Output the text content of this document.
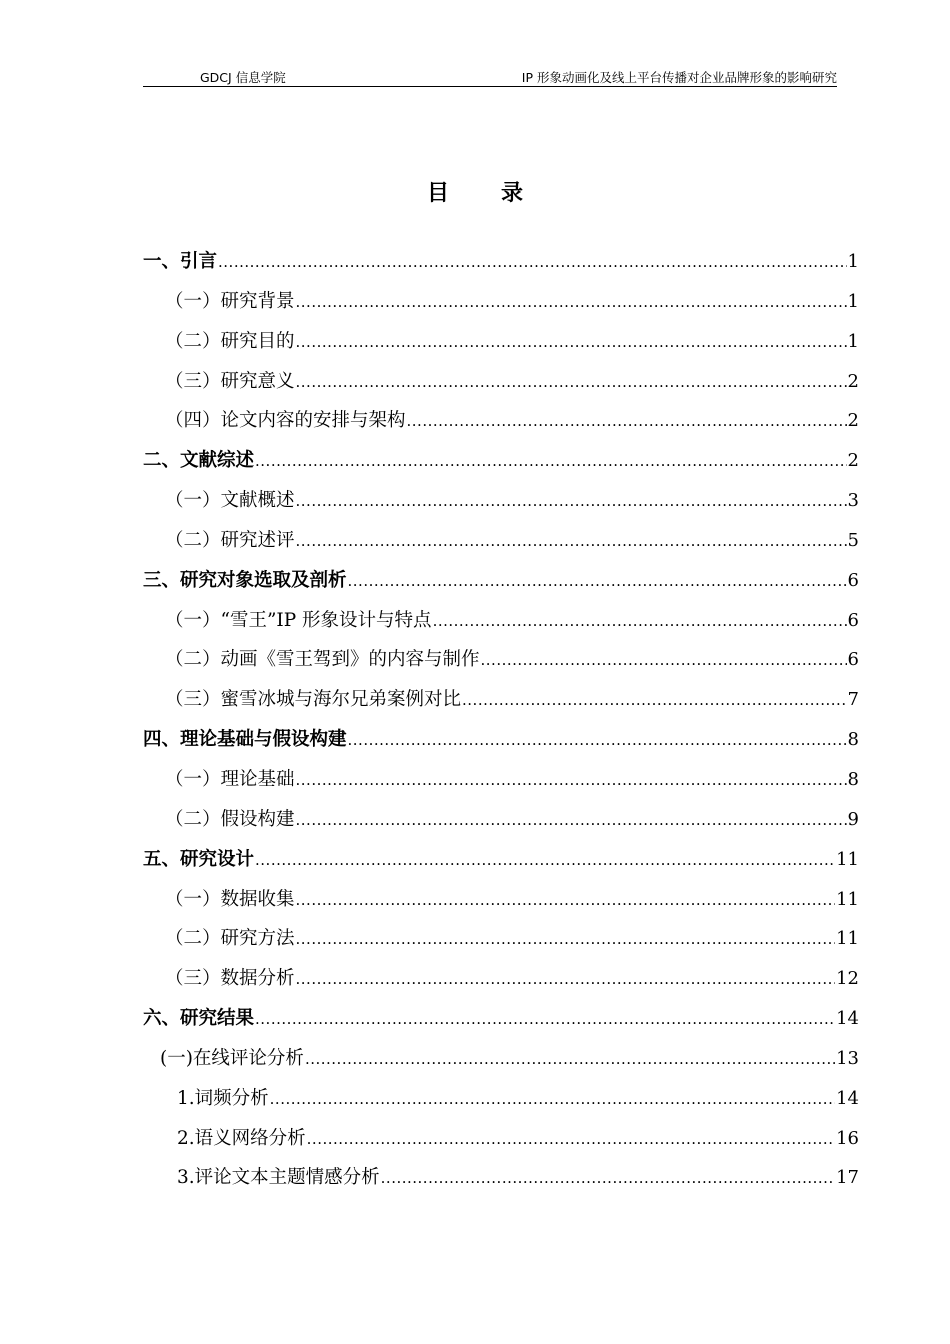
GDCJ 信息学院	IP 形象动画化及线上平台传播对企业品牌形象的影响研究
目录
一、引言 .....	1
（一）研究背景 .....	1
（二）研究目的 .....	1
（三）研究意义 .....	2
（四）论文内容的安排与架构 .....	2
二、文献综述 .....	2
（一）文献概述 .....	3
（二）研究述评 .....	5
三、研究对象选取及剖析 .....	6
（一）“雪王”IP 形象设计与特点 .....	6
（二）动画《雪王驾到》的内容与制作 .....	6
（三）蜜雪冰城与海尔兄弟案例对比 .....	7
四、理论基础与假设构建 .....	8
（一）理论基础 .....	8
（二）假设构建 .....	9
五、研究设计 .....	11
（一）数据收集 .....	11
（二）研究方法 .....	11
（三）数据分析 .....	12
六、研究结果 .....	14
(一)在线评论分析 .....	13
1.词频分析 .....	14
2.语义网络分析 .....	16
3.评论文本主题情感分析 .....	17
